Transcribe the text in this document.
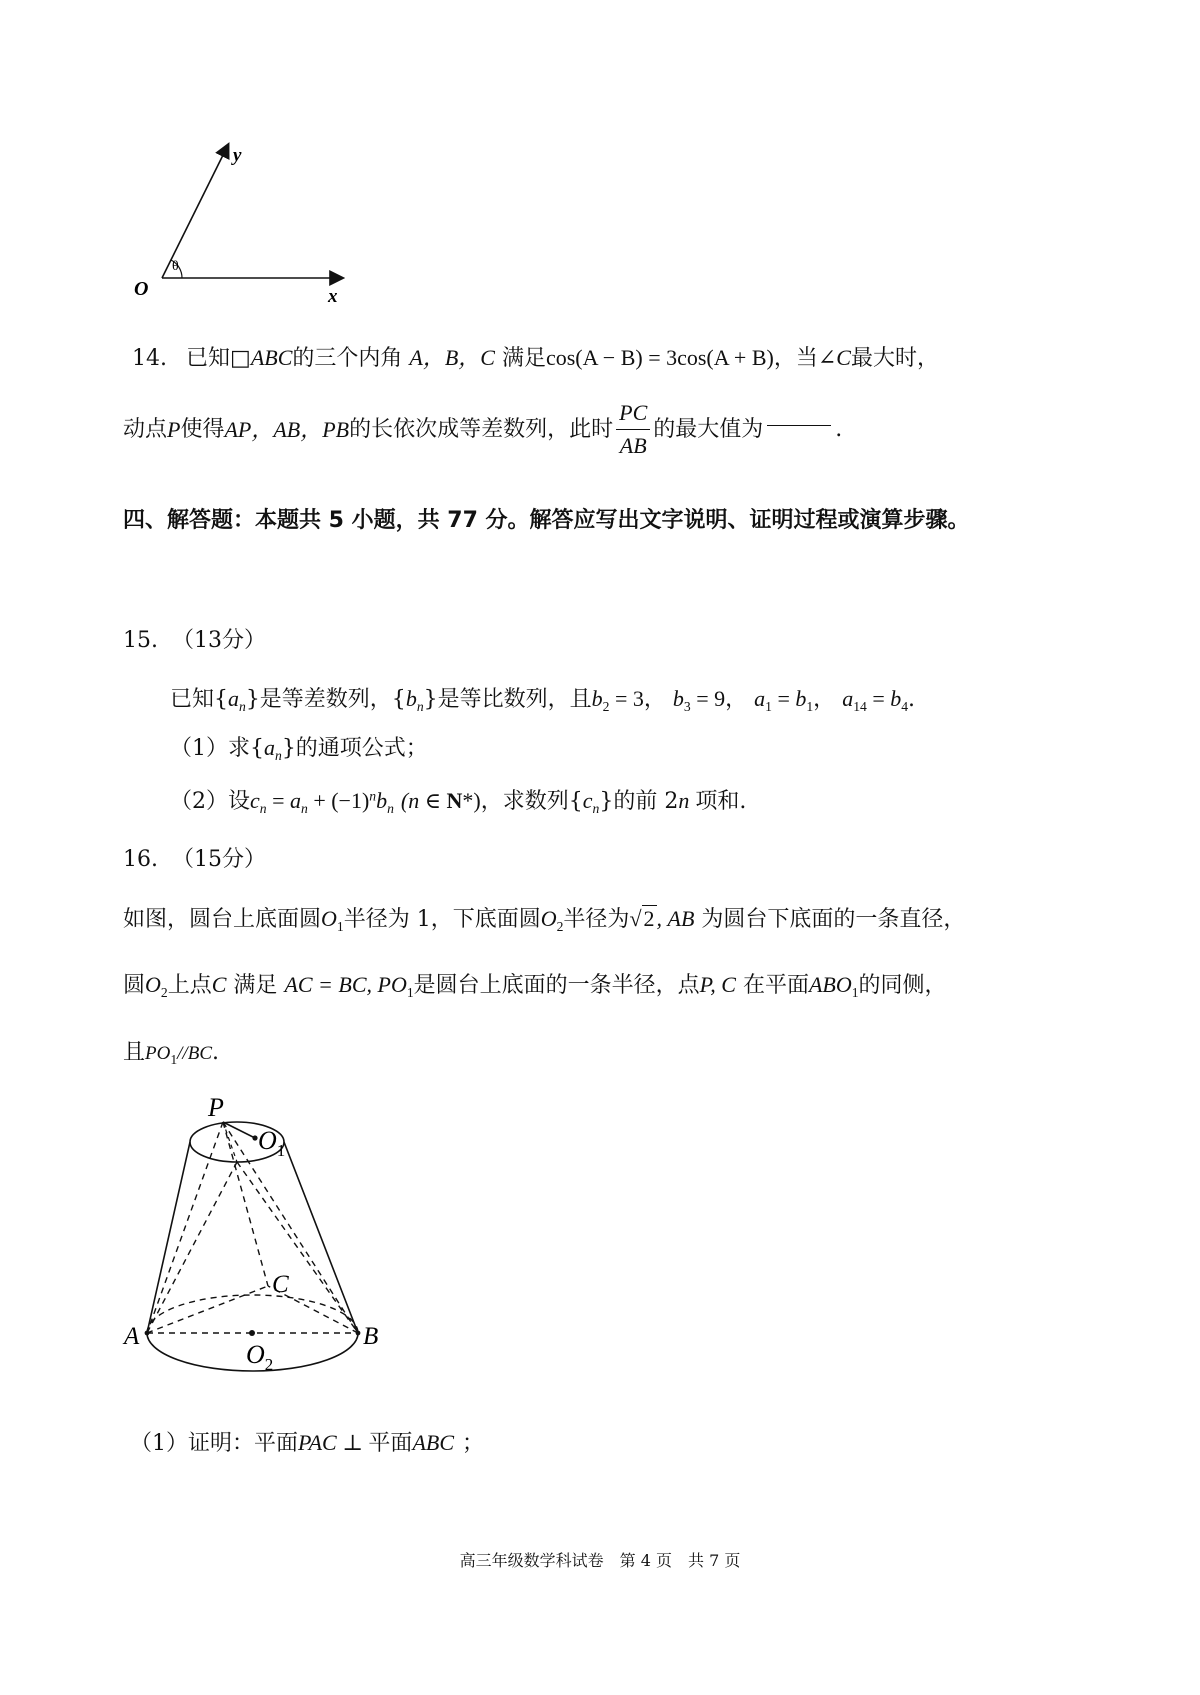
O	x
y
θ
14. 已知□ABC的三个内角 A，B，C 满足cos(A − B) = 3cos(A + B)，当∠C最大时，
动点 P 使得 AP，AB，PB 的长依次成等差数列，此时 $\frac{PC}{AB}$ 的最大值为	.
四、解答题：本题共 5 小题，共 77 分。解答应写出文字说明、证明过程或演算步骤。
15. （13分）
已知$\{a_n\}$是等差数列，$\{b_n\}$是等比数列，且$b_2 = 3$， $b_3 = 9$， $a_1 = b_1$， $a_{14} = b_4$.
（1）求$\{a_n\}$的通项公式；
（2）设$c_n = a_n + (-1)^nb_n$ (n ∈ N*)，求数列$\{c_n\}$的前 2n 项和.
16. （15分）
如图，圆台上底面圆$O_1$半径为 1，下底面圆$O_2$半径为 √ 2 , AB 为圆台下底面的一条直径，
圆$O_2$上点C 满足 AC = BC, $PO_1$是圆台上底面的一条半径，点P, C 在平面$ABO_1$的同侧，
且$PO_1//BC$.
P
$O_1$
C
A	B
$O_2$
（1）证明：平面PAC ⊥ 平面ABC ；
高三年级数学科试卷　第 4 页　共 7 页
